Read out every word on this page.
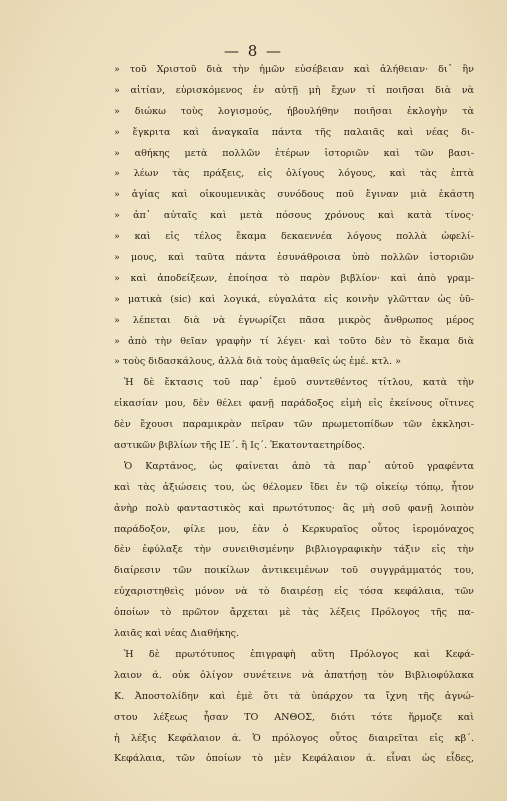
— 8 —
» τοῦ Χριστοῦ διὰ τὴν ἡμῶν εὐσέβειαν καὶ ἀλήθειαν· δι᾽ ἣν
» αἰτίαν, εὑρισκόμενος ἐν αὐτῇ μὴ ἔχων τί ποιῆσαι διὰ νὰ
» διώκω τοὺς λογισμούς, ἠβουλήθην ποιῆσαι ἐκλογὴν τὰ
» ἔγκριτα καὶ ἀναγκαῖα πάντα τῆς παλαιᾶς καὶ νέας δι-
» αθήκης μετὰ πολλῶν ἑτέρων ἱστοριῶν καὶ τῶν βασι-
» λέων τὰς πράξεις, εἰς ὀλίγους λόγους, καὶ τὰς ἑπτὰ
» ἁγίας καὶ οἰκουμενικὰς συνόδους ποῦ ἔγιναν μιὰ ἑκάστη
» ἀπ᾽ αὐταῖς καὶ μετὰ πόσους χρόνους καὶ κατὰ τίνος·
» καὶ εἰς τέλος ἔκαμα δεκαεννέα λόγους πολλὰ ὠφελί-
» μους, καὶ ταῦτα πάντα ἐσυνάθροισα ὑπὸ πολλῶν ἱστοριῶν
» καὶ ἀποδείξεων, ἐποίησα τὸ παρὸν βιβλίον· καὶ ἀπὸ γραμ-
» ματικὰ (sic) καὶ λογικά, εὐγαλάτα εἰς κοινὴν γλῶτταν ὡς ὑῦ-
» λέπεται διὰ νὰ ἐγνωρίζει πᾶσα μικρὸς ἄνθρωπος μέρος
» ἀπὸ τὴν θεῖαν γραφὴν τί λέγει· καὶ τοῦτο δὲν τὸ ἔκαμα διὰ
» τοὺς διδασκάλους, ἀλλὰ διὰ τοὺς ἀμαθεῖς ὡς ἐμέ. κτλ. »
Ἡ δὲ ἔκτασις τοῦ παρ᾽ ἐμοῦ συντεθέντος τίτλου, κατὰ τὴν
εἰκασίαν μου, δὲν θέλει φανῇ παράδοξος εἰμὴ εἰς ἐκείνους οἵτινες
δὲν ἔχουσι παραμικρὰν πεῖραν τῶν πρωμετοπίδων τῶν ἐκκλησι-
αστικῶν βιβλίων τῆς ΙΕ΄. ἢ Ις΄. Ἑκατονταετηρίδος.
Ὁ Καρτάνος, ὡς φαίνεται ἀπὸ τὰ παρ᾽ αὐτοῦ γραφέντα
καὶ τὰς ἀξιώσεις του, ὡς θέλομεν ἴδει ἐν τῷ οἰκείῳ τόπῳ, ἦτον
ἀνὴρ πολὺ φανταστικὸς καὶ πρωτότυπος· ἂς μὴ σοῦ φανῇ λοιπὸν
παράδοξον, φίλε μου, ἐὰν ὁ Κερκυραῖος οὗτος ἱερομόναχος
δὲν ἐφύλαξε τὴν συνειθισμένην βιβλιογραφικὴν τάξιν εἰς τὴν
διαίρεσιν τῶν ποικίλων ἀντικειμένων τοῦ συγγράμματός του,
εὐχαριστηθεὶς μόνον νὰ τὸ διαιρέσῃ εἰς τόσα κεφάλαια, τῶν
ὁποίων τὸ πρῶτον ἄρχεται μὲ τὰς λέξεις Πρόλογος τῆς πα-
λαιᾶς καὶ νέας Διαθήκης.
Ἡ δὲ πρωτότυπος ἐπιγραφὴ αὕτη Πρόλογος καὶ Κεφά-
λαιον ά. οὐκ ὀλίγον συνέτεινε νὰ ἀπατήσῃ τὸν Βιβλιοφύλακα
Κ. Ἀποστολίδην καὶ ἐμὲ ὅτι τὰ ὑπάρχον τα ἴχνη τῆς ἀγνώ-
στου λέξεως ἦσαν ΤΟ ΑΝΘΟΣ, διότι τότε ἥρμοζε καὶ
ἡ λέξις Κεφάλαιον ά. Ὁ πρόλογος οὗτος διαιρεῖται εἰς κβ΄.
Κεφάλαια, τῶν ὁποίων τὸ μὲν Κεφάλαιον ά. εἶναι ὡς εἶδες,
